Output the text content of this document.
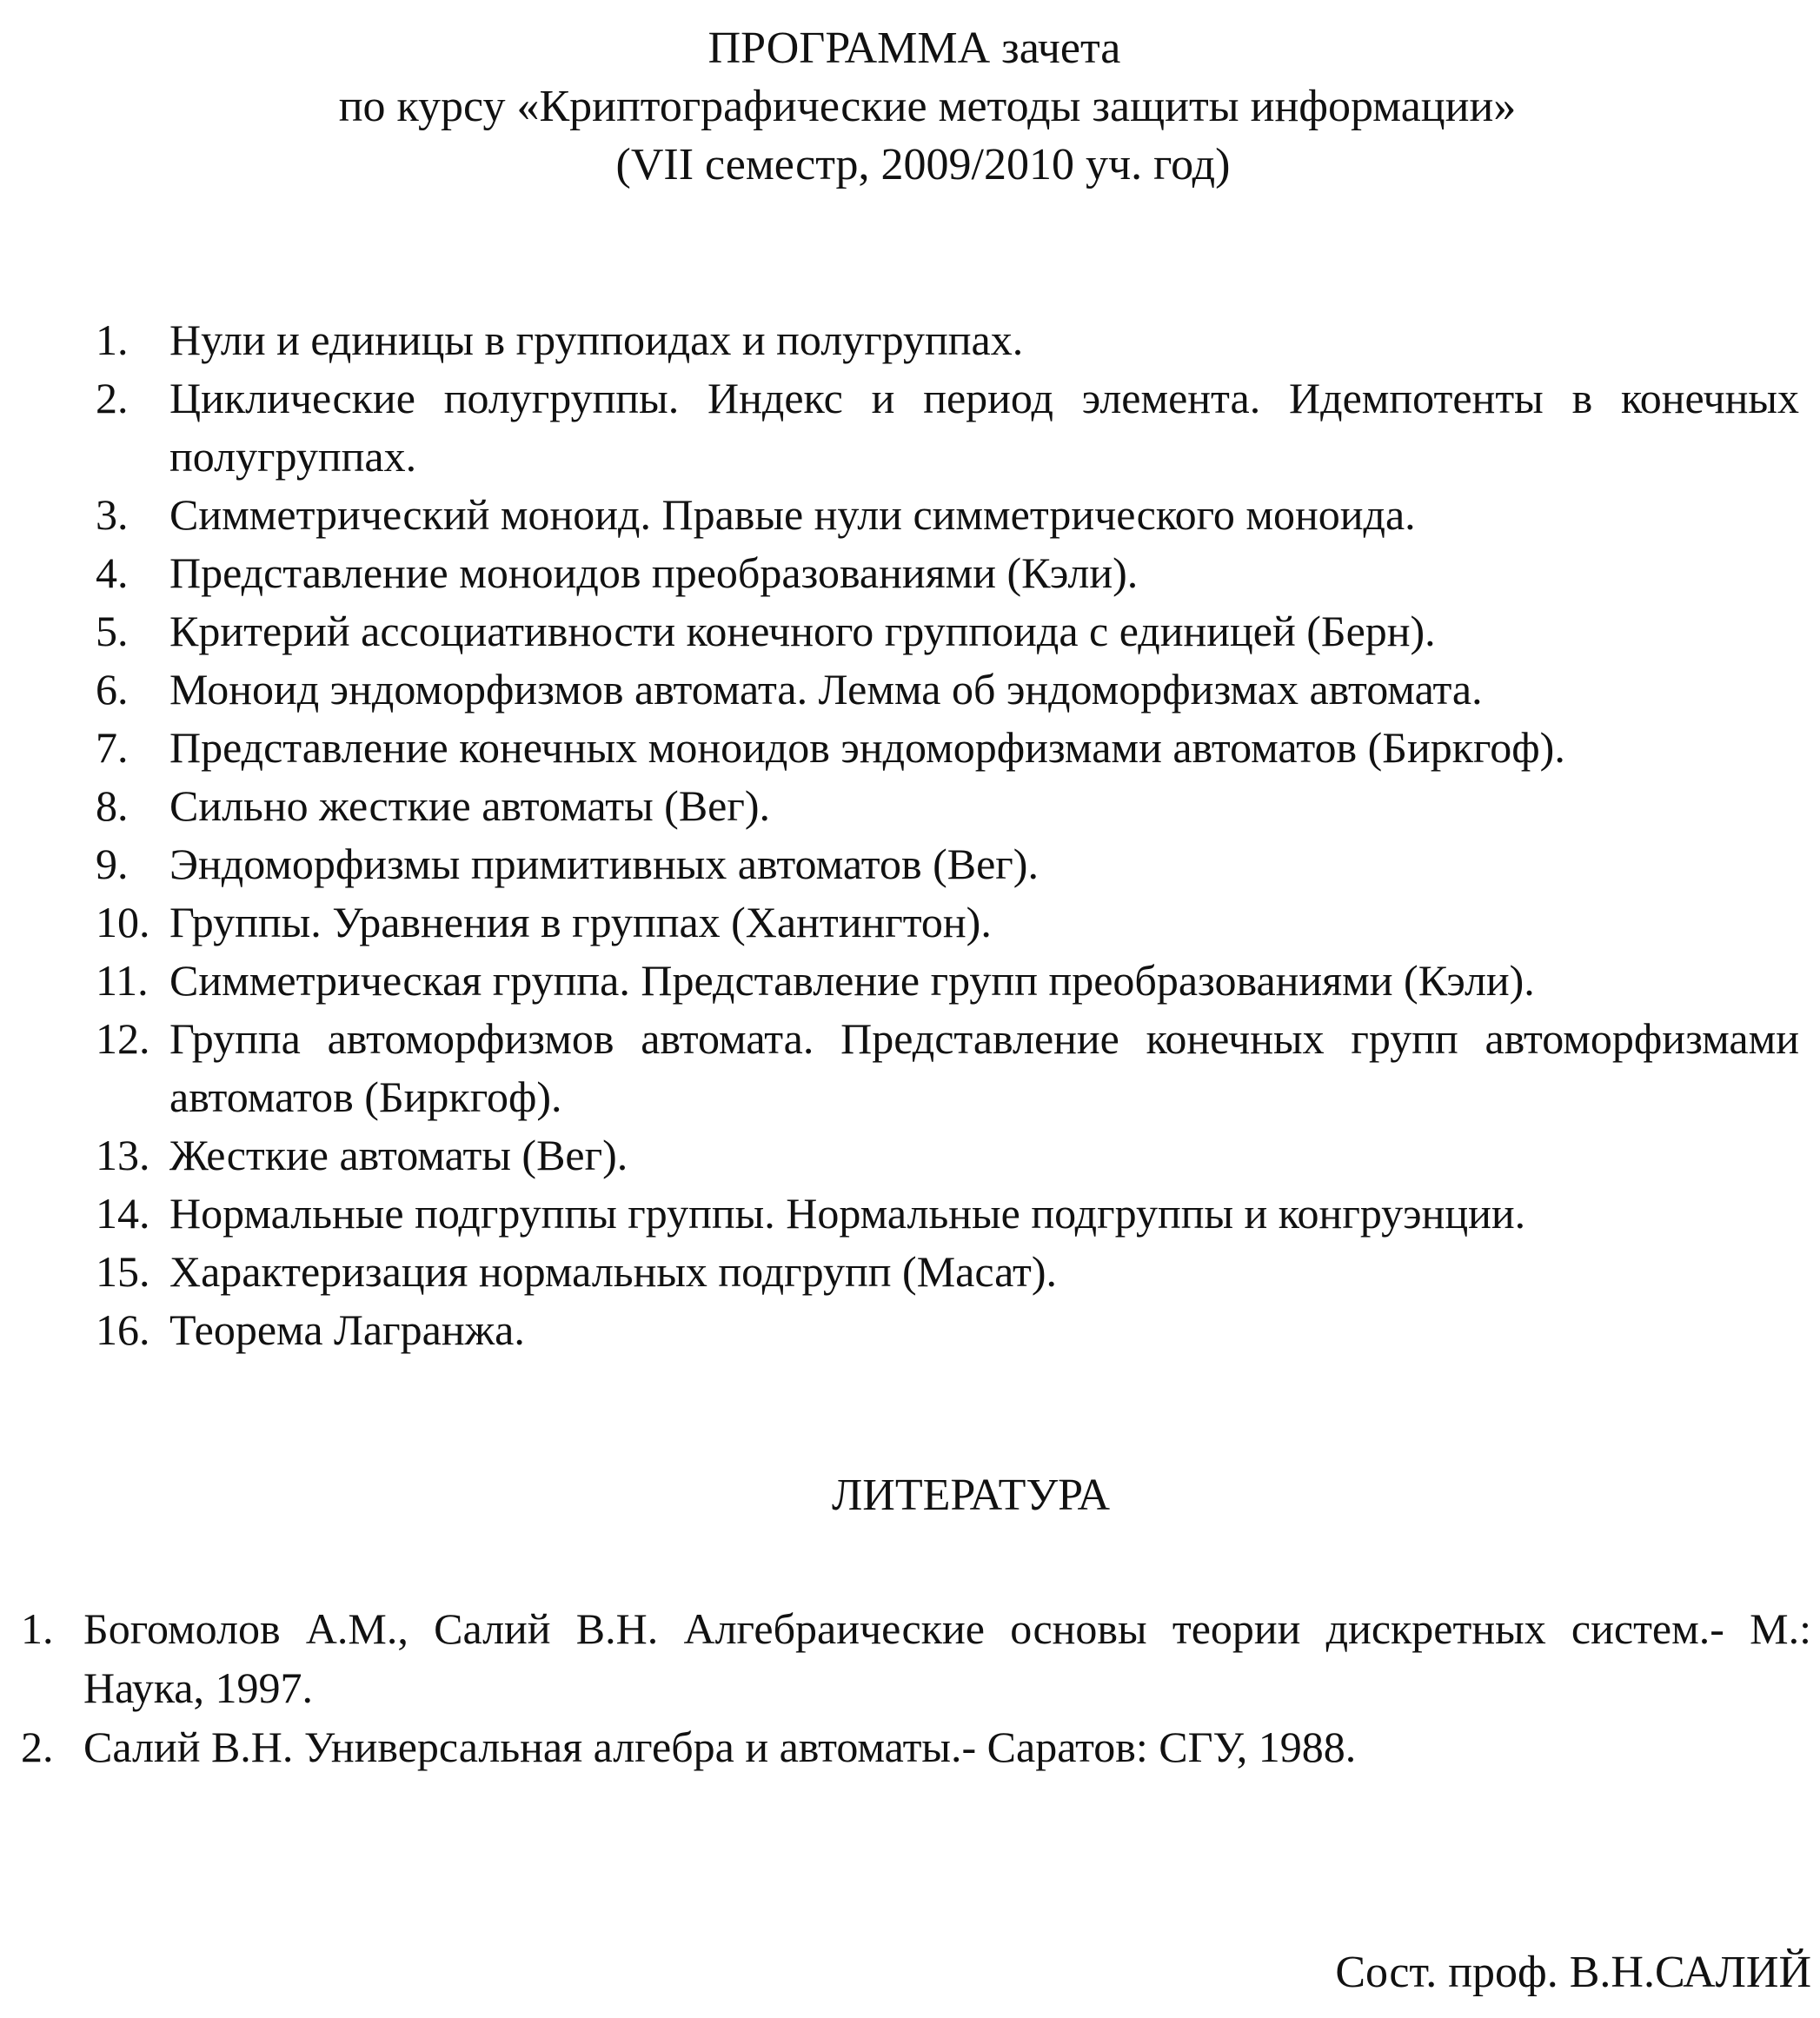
ПРОГРАММА зачета
по курсу «Криптографические методы защиты информации»
(VII семестр, 2009/2010 уч. год)
1. Нули и единицы в группоидах и полугруппах.
2. Циклические полугруппы. Индекс и период элемента. Идемпотенты в конечных полугруппах.
3. Симметрический моноид. Правые нули симметрического моноида.
4. Представление моноидов преобразованиями (Кэли).
5. Критерий ассоциативности конечного группоида с единицей (Берн).
6. Моноид эндоморфизмов автомата. Лемма об эндоморфизмах автомата.
7. Представление конечных моноидов эндоморфизмами автоматов (Биркгоф).
8. Сильно жесткие автоматы (Вег).
9. Эндоморфизмы примитивных автоматов (Вег).
10. Группы. Уравнения в группах (Хантингтон).
11. Симметрическая группа. Представление групп преобразованиями (Кэли).
12. Группа автоморфизмов автомата. Представление конечных групп автоморфизмами автоматов (Биркгоф).
13. Жесткие автоматы (Вег).
14. Нормальные подгруппы группы. Нормальные подгруппы и конгруэнции.
15. Характеризация нормальных подгрупп (Масат).
16. Теорема Лагранжа.
ЛИТЕРАТУРА
1. Богомолов А.М., Салий В.Н. Алгебраические основы теории дискретных систем.- М.: Наука, 1997.
2. Салий В.Н. Универсальная алгебра и автоматы.- Саратов: СГУ, 1988.
Сост. проф. В.Н.САЛИЙ
